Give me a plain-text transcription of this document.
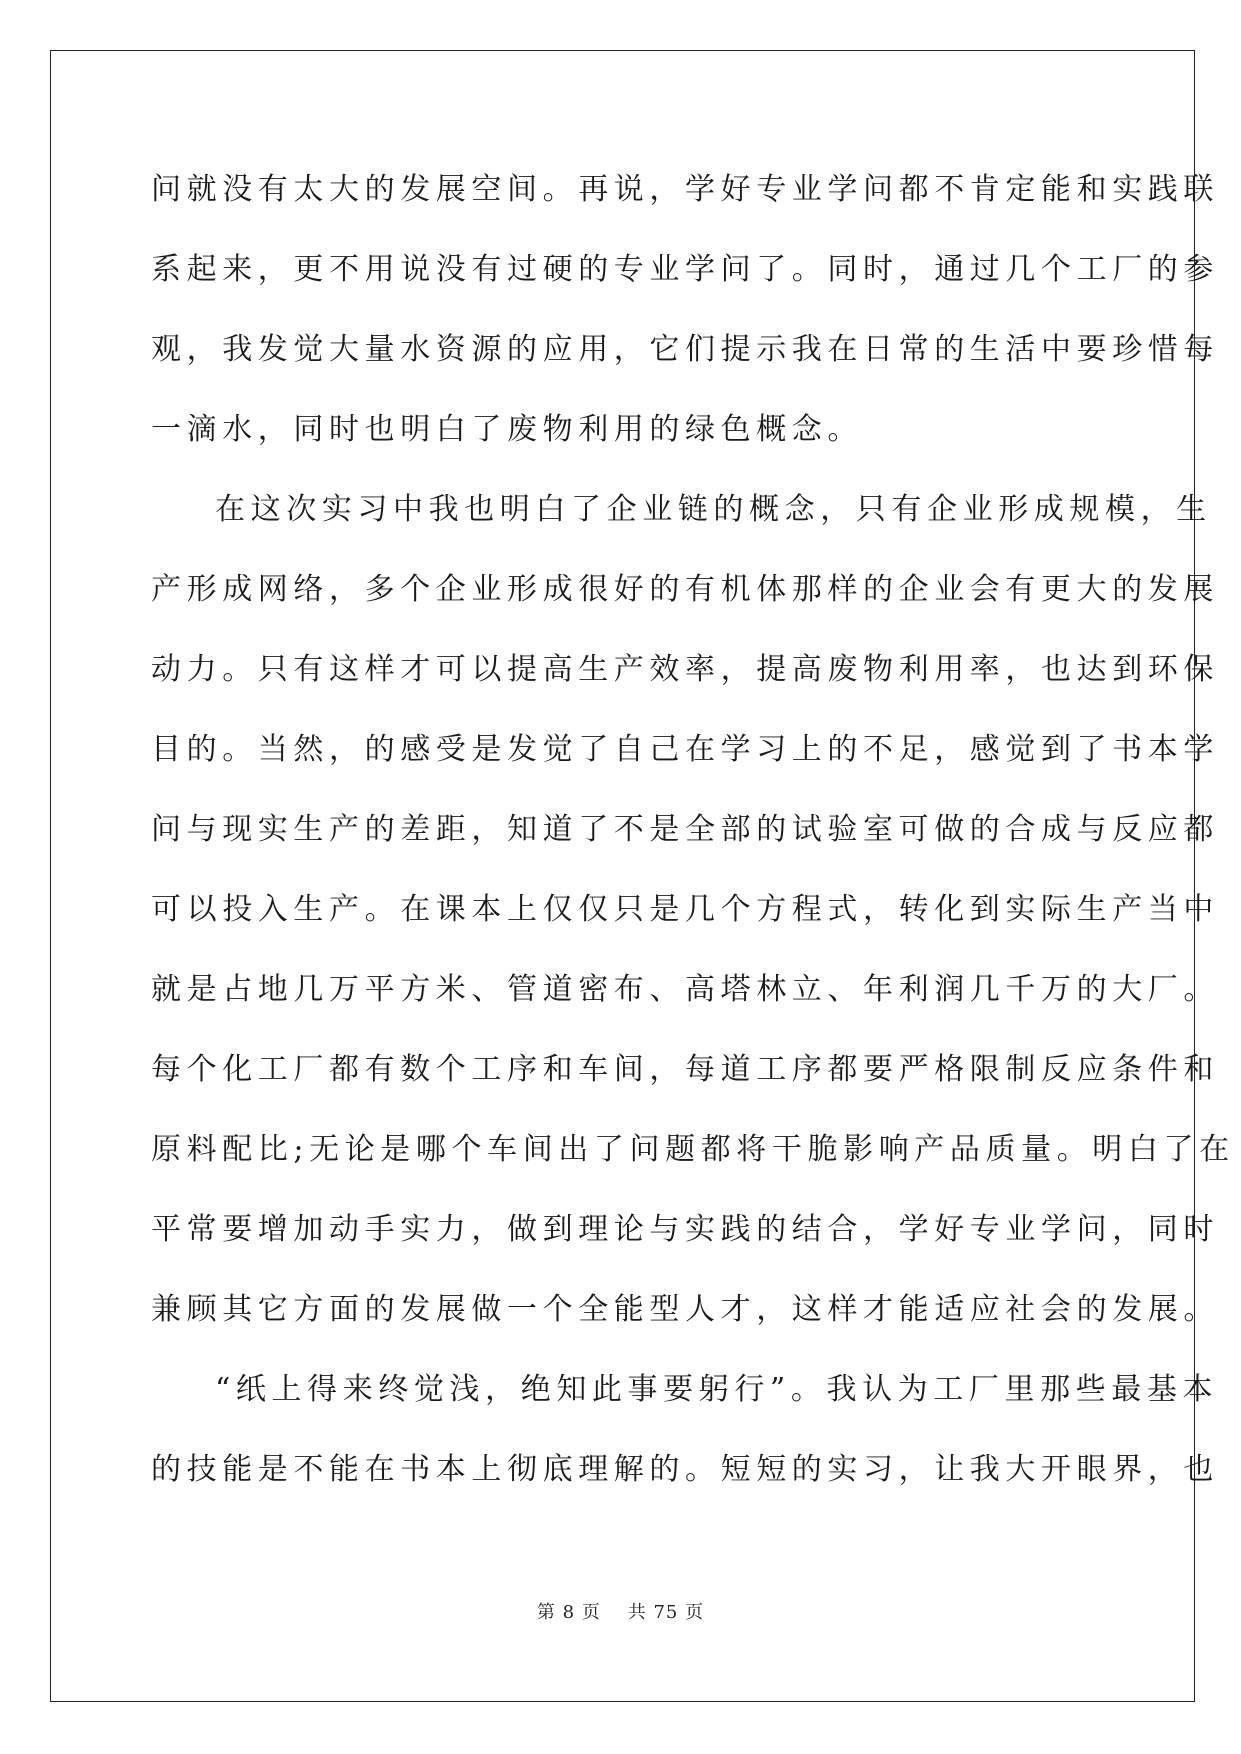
问就没有太大的发展空间。再说，学好专业学问都不肯定能和实践联
系起来，更不用说没有过硬的专业学问了。同时，通过几个工厂的参
观，我发觉大量水资源的应用，它们提示我在日常的生活中要珍惜每
一滴水，同时也明白了废物利用的绿色概念。
在这次实习中我也明白了企业链的概念，只有企业形成规模，生
产形成网络，多个企业形成很好的有机体那样的企业会有更大的发展
动力。只有这样才可以提高生产效率，提高废物利用率，也达到环保
目的。当然，的感受是发觉了自己在学习上的不足，感觉到了书本学
问与现实生产的差距，知道了不是全部的试验室可做的合成与反应都
可以投入生产。在课本上仅仅只是几个方程式，转化到实际生产当中
就是占地几万平方米、管道密布、高塔林立、年利润几千万的大厂。
每个化工厂都有数个工序和车间，每道工序都要严格限制反应条件和
原料配比;无论是哪个车间出了问题都将干脆影响产品质量。明白了在
平常要增加动手实力，做到理论与实践的结合，学好专业学问，同时
兼顾其它方面的发展做一个全能型人才，这样才能适应社会的发展。
“纸上得来终觉浅，绝知此事要躬行”。我认为工厂里那些最基本
的技能是不能在书本上彻底理解的。短短的实习，让我大开眼界，也
第 8 页 共 75 页
